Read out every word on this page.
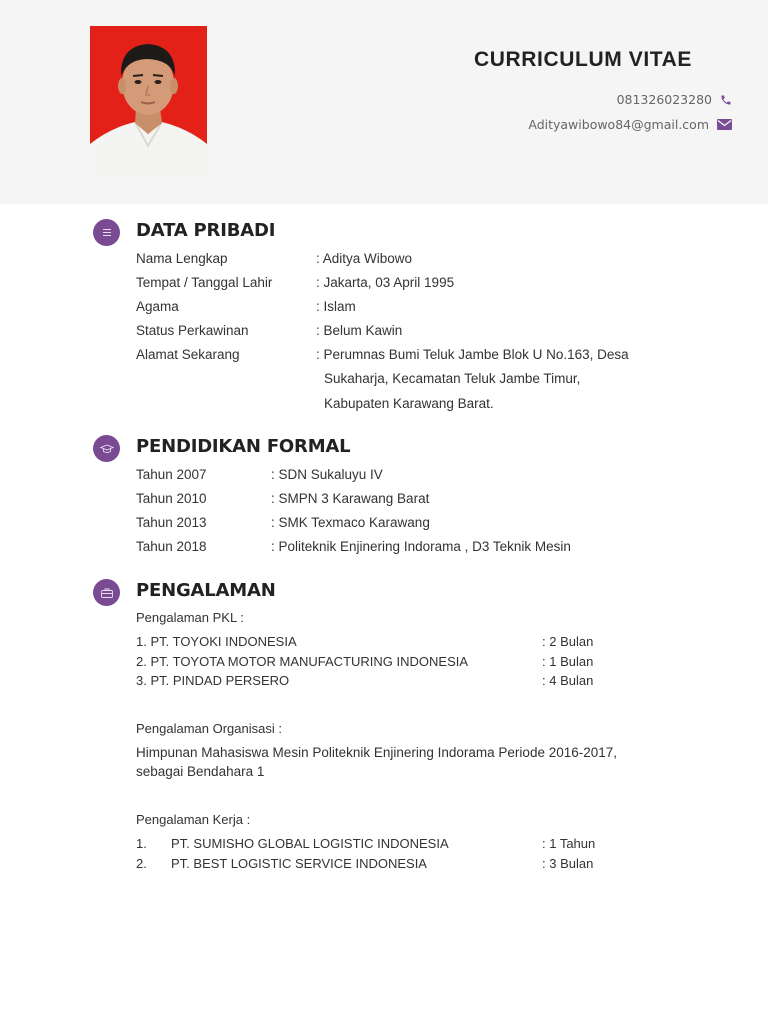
CURRICULUM VITAE
081326023280
Adityawibowo84@gmail.com
DATA PRIBADI
Nama Lengkap	: Aditya Wibowo
Tempat / Tanggal Lahir	: Jakarta, 03 April 1995
Agama	: Islam
Status Perkawinan	: Belum Kawin
Alamat Sekarang	: Perumnas Bumi Teluk Jambe Blok U No.163, Desa
Sukaharja, Kecamatan Teluk Jambe Timur,
Kabupaten Karawang Barat.
PENDIDIKAN FORMAL
Tahun 2007	: SDN Sukaluyu IV
Tahun 2010	: SMPN 3 Karawang Barat
Tahun 2013	: SMK Texmaco Karawang
Tahun 2018	: Politeknik Enjinering Indorama , D3 Teknik Mesin
PENGALAMAN
Pengalaman PKL :
1. PT. TOYOKI INDONESIA	: 2 Bulan
2. PT. TOYOTA MOTOR MANUFACTURING INDONESIA	: 1 Bulan
3. PT. PINDAD PERSERO	: 4 Bulan
Pengalaman Organisasi :
Himpunan Mahasiswa Mesin Politeknik Enjinering Indorama Periode 2016-2017,
sebagai Bendahara 1
Pengalaman Kerja :
1. PT. SUMISHO GLOBAL LOGISTIC INDONESIA	: 1 Tahun
2. PT. BEST LOGISTIC SERVICE INDONESIA	: 3 Bulan
